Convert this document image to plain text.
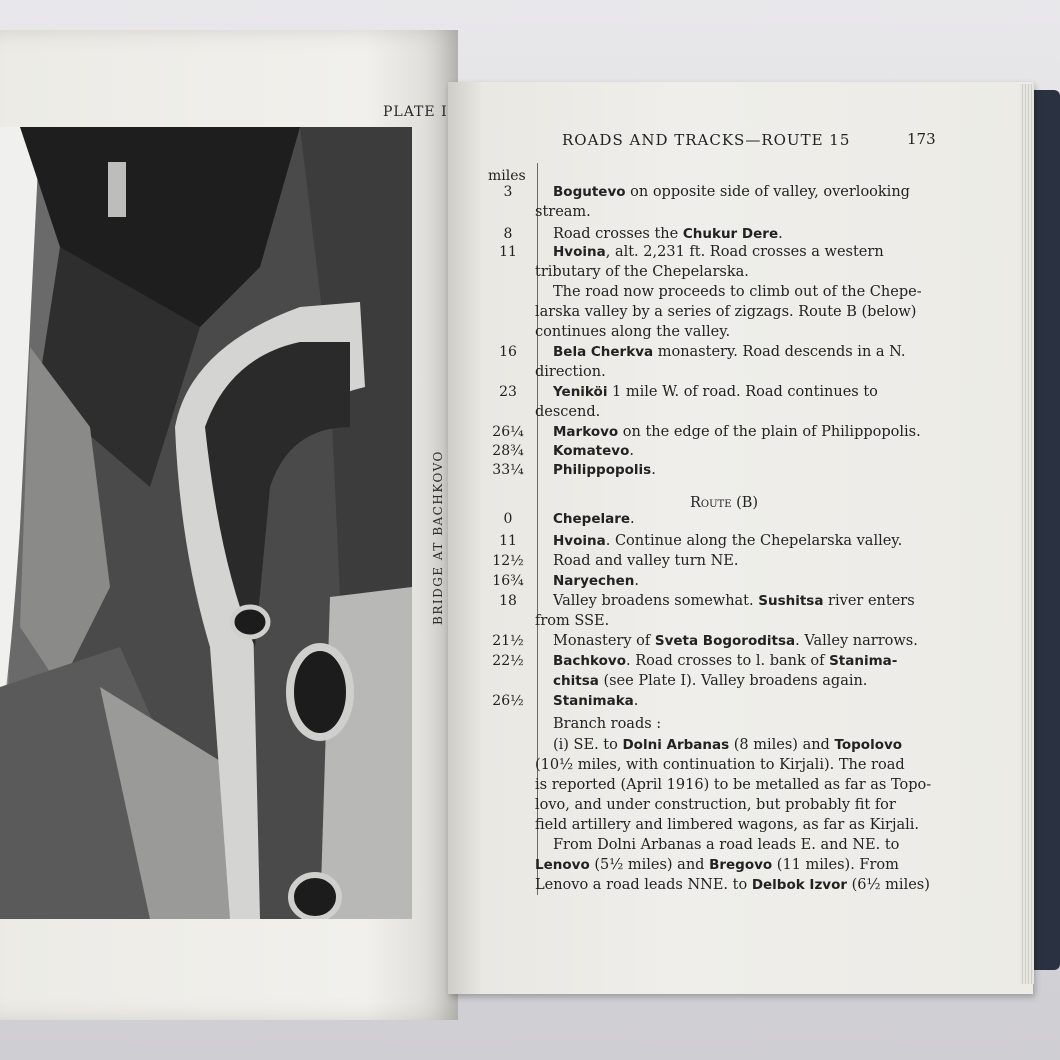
PLATE I
BRIDGE AT BACHKOVO
ROADS AND TRACKS—ROUTE 15	173
miles
Route (B)
3	Bogutevo on opposite side of valley, overlooking
stream.
8	Road crosses the Chukur Dere.
11	Hvoina, alt. 2,231 ft. Road crosses a western
tributary of the Chepelarska.
The road now proceeds to climb out of the Chepe-
larska valley by a series of zigzags. Route B (below)
continues along the valley.
16	Bela Cherkva monastery. Road descends in a N.
direction.
23	Yeniköi 1 mile W. of road. Road continues to
descend.
26¼	Markovo on the edge of the plain of Philippopolis.
28¾	Komatevo.
33¼	Philippopolis.
0	Chepelare.
11	Hvoina. Continue along the Chepelarska valley.
12½ Road and valley turn NE.
16¾	Naryechen.
18	Valley broadens somewhat. Sushitsa river enters
from SSE.
21½ Monastery of Sveta Bogoroditsa. Valley narrows.
22½	Bachkovo. Road crosses to l. bank of Stanima-
chitsa (see Plate I). Valley broadens again.
26½	Stanimaka.
Branch roads :
(i) SE. to Dolni Arbanas (8 miles) and Topolovo
(10½ miles, with continuation to Kirjali). The road
is reported (April 1916) to be metalled as far as Topo-
lovo, and under construction, but probably fit for
field artillery and limbered wagons, as far as Kirjali.
From Dolni Arbanas a road leads E. and NE. to
Lenovo (5½ miles) and Bregovo (11 miles). From
Lenovo a road leads NNE. to Delbok Izvor (6½ miles)
